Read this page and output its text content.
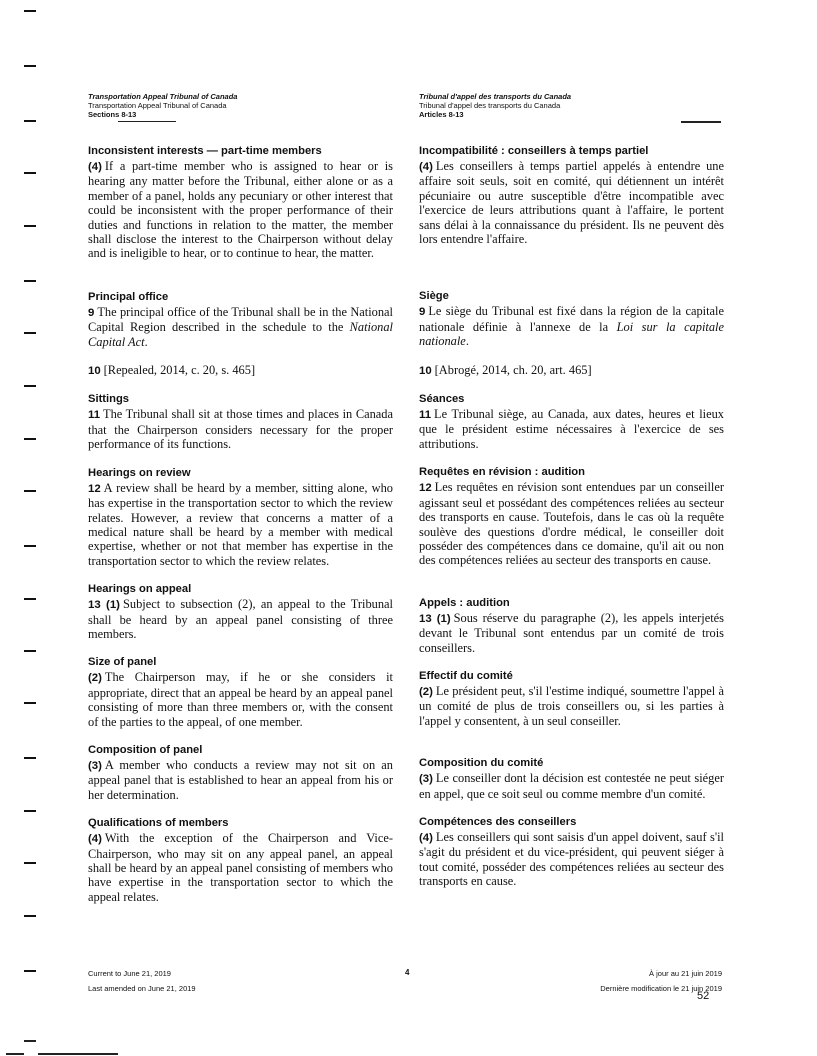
Transportation Appeal Tribunal of Canada
Transportation Appeal Tribunal of Canada
Sections 8-13
Tribunal d'appel des transports du Canada
Tribunal d'appel des transports du Canada
Articles 8-13
Inconsistent interests — part-time members

(4) If a part-time member who is assigned to hear or is hearing any matter before the Tribunal, either alone or as a member of a panel, holds any pecuniary or other interest that could be inconsistent with the proper performance of their duties and functions in relation to the matter, the member shall disclose the interest to the Chairperson without delay and is ineligible to hear, or to continue to hear, the matter.

Principal office

9 The principal office of the Tribunal shall be in the National Capital Region described in the schedule to the National Capital Act.

10 [Repealed, 2014, c. 20, s. 465]

Sittings

11 The Tribunal shall sit at those times and places in Canada that the Chairperson considers necessary for the proper performance of its functions.

Hearings on review

12 A review shall be heard by a member, sitting alone, who has expertise in the transportation sector to which the review relates. However, a review that concerns a matter of a medical nature shall be heard by a member with medical expertise, whether or not that member has expertise in the transportation sector to which the review relates.

Hearings on appeal

13 (1) Subject to subsection (2), an appeal to the Tribunal shall be heard by an appeal panel consisting of three members.

Size of panel

(2) The Chairperson may, if he or she considers it appropriate, direct that an appeal be heard by an appeal panel consisting of more than three members or, with the consent of the parties to the appeal, of one member.

Composition of panel

(3) A member who conducts a review may not sit on an appeal panel that is established to hear an appeal from his or her determination.

Qualifications of members

(4) With the exception of the Chairperson and Vice-Chairperson, who may sit on any appeal panel, an appeal shall be heard by an appeal panel consisting of members who have expertise in the transportation sector to which the appeal relates.

Incompatibilité : conseillers à temps partiel

(4) Les conseillers à temps partiel appelés à entendre une affaire soit seuls, soit en comité, qui détiennent un intérêt pécuniaire ou autre susceptible d'être incompatible avec l'exercice de leurs attributions quant à l'affaire, le portent sans délai à la connaissance du président. Ils ne peuvent dès lors entendre l'affaire.

Siège

9 Le siège du Tribunal est fixé dans la région de la capitale nationale définie à l'annexe de la Loi sur la capitale nationale.

10 [Abrogé, 2014, ch. 20, art. 465]

Séances

11 Le Tribunal siège, au Canada, aux dates, heures et lieux que le président estime nécessaires à l'exercice de ses attributions.

Requêtes en révision : audition

12 Les requêtes en révision sont entendues par un conseiller agissant seul et possédant des compétences reliées au secteur des transports en cause. Toutefois, dans le cas où la requête soulève des questions d'ordre médical, le conseiller doit posséder des compétences dans ce domaine, qu'il ait ou non des compétences reliées au secteur des transports en cause.

Appels : audition

13 (1) Sous réserve du paragraphe (2), les appels interjetés devant le Tribunal sont entendus par un comité de trois conseillers.

Effectif du comité

(2) Le président peut, s'il l'estime indiqué, soumettre l'appel à un comité de plus de trois conseillers ou, si les parties à l'appel y consentent, à un seul conseiller.

Composition du comité

(3) Le conseiller dont la décision est contestée ne peut siéger en appel, que ce soit seul ou comme membre d'un comité.

Compétences des conseillers

(4) Les conseillers qui sont saisis d'un appel doivent, sauf s'il s'agit du président et du vice-président, qui peuvent siéger à tout comité, posséder des compétences reliées au secteur des transports en cause.

Current to June 21, 2019
Last amended on June 21, 2019
4	À jour au 21 juin 2019
Dernière modification le 21 juin 2019
52
